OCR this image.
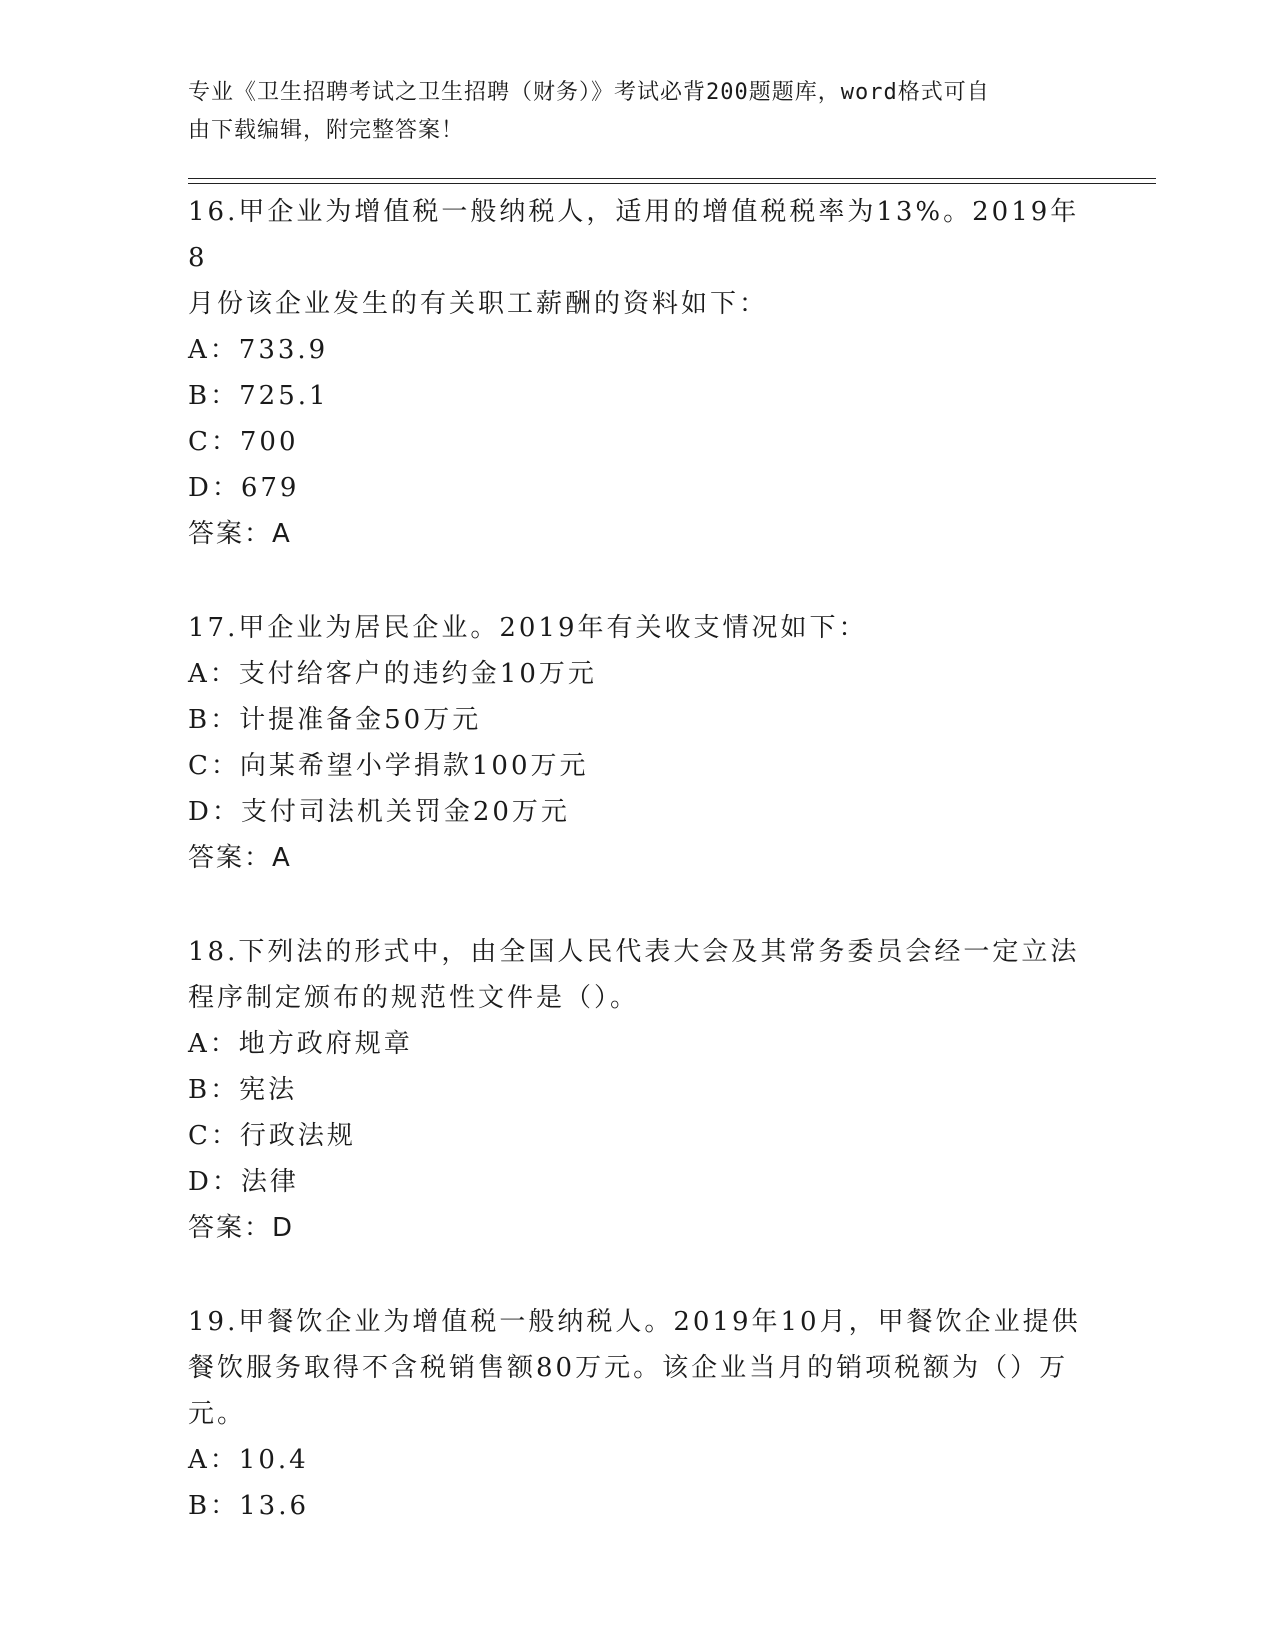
专业《卫生招聘考试之卫生招聘（财务）》考试必背200题题库，word格式可自
由下载编辑，附完整答案！
16.甲企业为增值税一般纳税人，适用的增值税税率为13%。2019年8
月份该企业发生的有关职工薪酬的资料如下：
A：733.9
B：725.1
C：700
D：679
答案：A
17.甲企业为居民企业。2019年有关收支情况如下：
A：支付给客户的违约金10万元
B：计提准备金50万元
C：向某希望小学捐款100万元
D：支付司法机关罚金20万元
答案：A
18.下列法的形式中，由全国人民代表大会及其常务委员会经一定立法
程序制定颁布的规范性文件是（）。
A：地方政府规章
B：宪法
C：行政法规
D：法律
答案：D
19.甲餐饮企业为增值税一般纳税人。2019年10月，甲餐饮企业提供
餐饮服务取得不含税销售额80万元。该企业当月的销项税额为（）万
元。
A：10.4
B：13.6
